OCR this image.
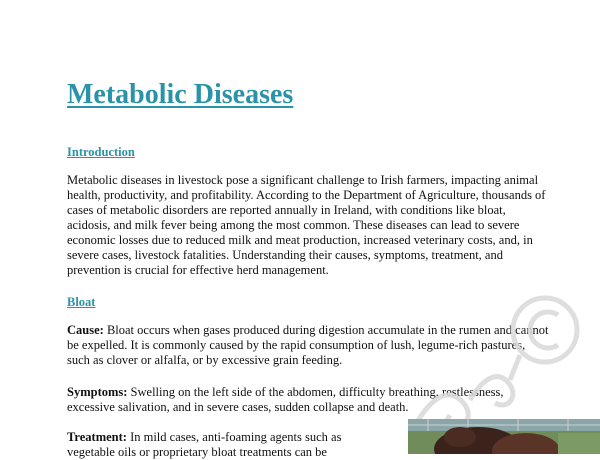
Metabolic Diseases
Introduction

Metabolic diseases in livestock pose a significant challenge to Irish farmers, impacting animal health, productivity, and profitability. According to the Department of Agriculture, thousands of cases of metabolic disorders are reported annually in Ireland, with conditions like bloat, acidosis, and milk fever being among the most common. These diseases can lead to severe economic losses due to reduced milk and meat production, increased veterinary costs, and, in severe cases, livestock fatalities. Understanding their causes, symptoms, treatment, and prevention is crucial for effective herd management.

Bloat

Cause: Bloat occurs when gases produced during digestion accumulate in the rumen and cannot be expelled. It is commonly caused by the rapid consumption of lush, legume-rich pastures, such as clover or alfalfa, or by excessive grain feeding.

Symptoms: Swelling on the left side of the abdomen, difficulty breathing, restlessness, excessive salivation, and in severe cases, sudden collapse and death.

Treatment: In mild cases, anti-foaming agents such as vegetable oils or proprietary bloat treatments can be
